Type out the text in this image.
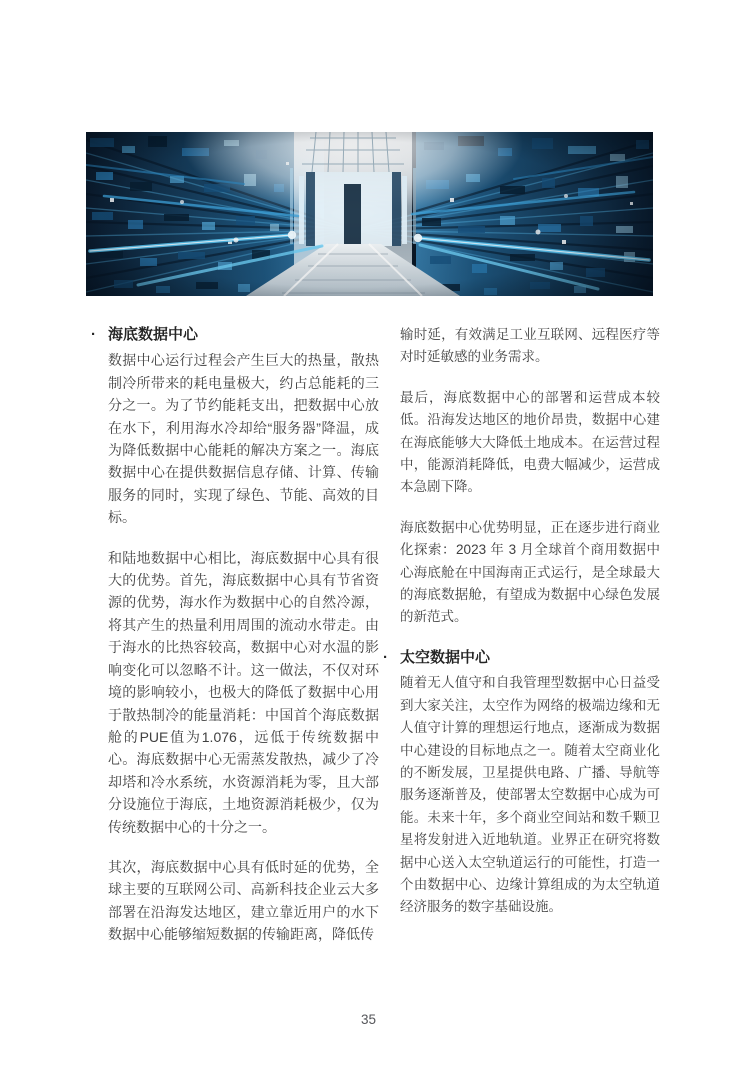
· 海底数据中心

数据中心运行过程会产生巨大的热量，散热制冷所带来的耗电量极大，约占总能耗的三分之一。为了节约能耗支出，把数据中心放在水下，利用海水冷却给“服务器”降温，成为降低数据中心能耗的解决方案之一。海底数据中心在提供数据信息存储、计算、传输服务的同时，实现了绿色、节能、高效的目标。

和陆地数据中心相比，海底数据中心具有很大的优势。首先，海底数据中心具有节省资源的优势，海水作为数据中心的自然冷源，将其产生的热量利用周围的流动水带走。由于海水的比热容较高，数据中心对水温的影响变化可以忽略不计。这一做法，不仅对环境的影响较小，也极大的降低了数据中心用于散热制冷的能量消耗：中国首个海底数据舱的PUE值为1.076，远低于传统数据中心。海底数据中心无需蒸发散热，减少了冷却塔和冷水系统，水资源消耗为零，且大部分设施位于海底，土地资源消耗极少，仅为传统数据中心的十分之一。

其次，海底数据中心具有低时延的优势，全球主要的互联网公司、高新科技企业云大多部署在沿海发达地区，建立靠近用户的水下数据中心能够缩短数据的传输距离，降低传

输时延，有效满足工业互联网、远程医疗等对时延敏感的业务需求。

最后，海底数据中心的部署和运营成本较低。沿海发达地区的地价昂贵，数据中心建在海底能够大大降低土地成本。在运营过程中，能源消耗降低，电费大幅减少，运营成本急剧下降。

海底数据中心优势明显，正在逐步进行商业化探索：2023 年 3 月全球首个商用数据中心海底舱在中国海南正式运行，是全球最大的海底数据舱，有望成为数据中心绿色发展的新范式。

· 太空数据中心

随着无人值守和自我管理型数据中心日益受到大家关注，太空作为网络的极端边缘和无人值守计算的理想运行地点，逐渐成为数据中心建设的目标地点之一。随着太空商业化的不断发展，卫星提供电路、广播、导航等服务逐渐普及，使部署太空数据中心成为可能。未来十年，多个商业空间站和数千颗卫星将发射进入近地轨道。业界正在研究将数据中心送入太空轨道运行的可能性，打造一个由数据中心、边缘计算组成的为太空轨道经济服务的数字基础设施。

35
